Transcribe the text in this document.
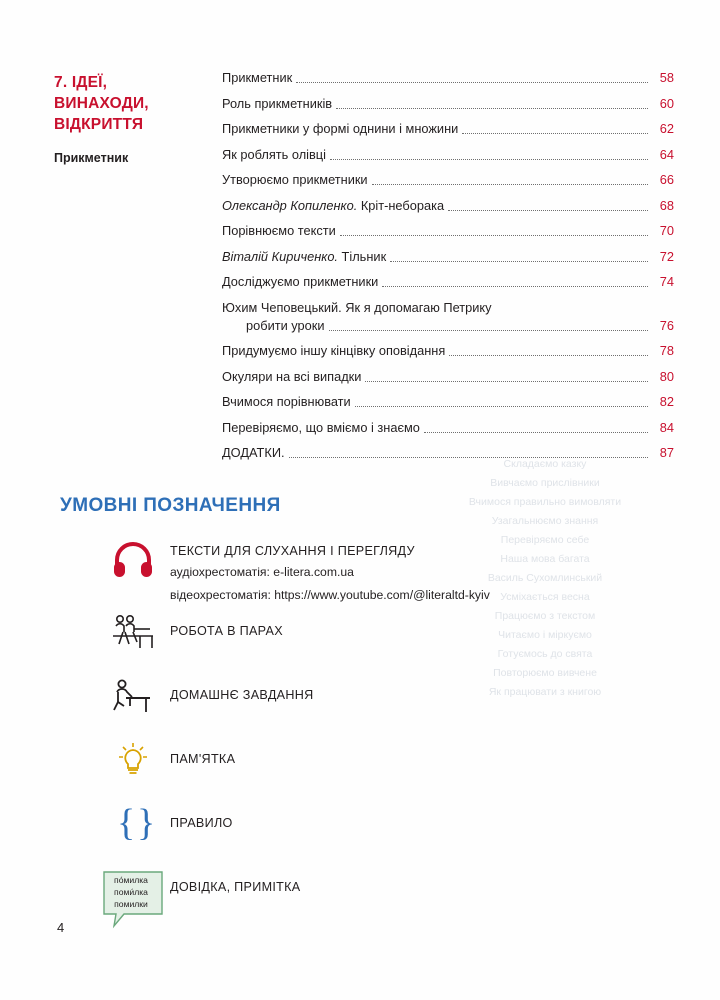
Складаємо казку
Вивчаємо прислівники
Вчимося правильно вимовляти
Узагальнюємо знання
Перевіряємо себе
Наша мова багата
Василь Сухомлинський
Усміхається весна
Працюємо з текстом
Читаємо і міркуємо
Готуємось до свята
Повторюємо вивчене
Як працювати з книгою
7. ІДЕЇ, ВИНАХОДИ, ВІДКРИТТЯ
Прикметник
Прикметник	58
Роль прикметників	60
Прикметники у формі однини і множини	62
Як роблять олівці	64
Утворюємо прикметники	66
Олександр Копиленко. Кріт-неборака	68
Порівнюємо тексти	70
Віталій Кириченко. Тільник	72
Досліджуємо прикметники	74
Юхим Чеповецький. Як я допомагаю Петрику
робити уроки	76
Придумуємо іншу кінцівку оповідання	78
Окуляри на всі випадки	80
Вчимося порівнювати	82
Перевіряємо, що вміємо і знаємо	84
ДОДАТКИ.	87
УМОВНІ ПОЗНАЧЕННЯ
ТЕКСТИ ДЛЯ СЛУХАННЯ І ПЕРЕГЛЯДУ
аудіохрестоматія: e-litera.com.ua
відеохрестоматія: https://www.youtube.com/@literaltd-kyiv
РОБОТА В ПАРАХ
ДОМАШНЄ ЗАВДАННЯ
ПАМ'ЯТКА
{ } ПРАВИЛО
по́милка
поми́лка
помилки
ДОВІДКА, ПРИМІТКА
4
